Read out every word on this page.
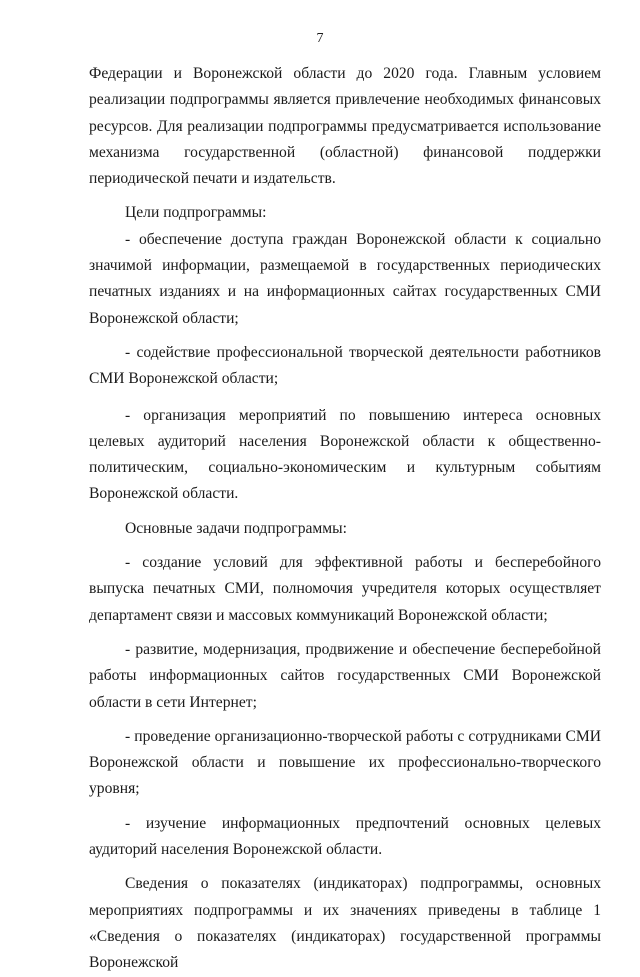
7

Федерации и Воронежской области до 2020 года. Главным условием реализации подпрограммы является привлечение необходимых финансовых ресурсов. Для реализации подпрограммы предусматривается использование механизма государственной (областной) финансовой поддержки периодической печати и издательств.

Цели подпрограммы:

- обеспечение доступа граждан Воронежской области к социально значимой информации, размещаемой в государственных периодических печатных изданиях и на информационных сайтах государственных СМИ Воронежской области;

- содействие профессиональной творческой деятельности работников СМИ Воронежской области;

- организация мероприятий по повышению интереса основных целевых аудиторий населения Воронежской области к общественно-политическим, социально-экономическим и культурным событиям Воронежской области.

Основные задачи подпрограммы:

- создание условий для эффективной работы и бесперебойного выпуска печатных СМИ, полномочия учредителя которых осуществляет департамент связи и массовых коммуникаций Воронежской области;

- развитие, модернизация, продвижение и обеспечение бесперебойной работы информационных сайтов государственных СМИ Воронежской области в сети Интернет;

- проведение организационно-творческой работы с сотрудниками СМИ Воронежской области и повышение их профессионально-творческого уровня;

- изучение информационных предпочтений основных целевых аудиторий населения Воронежской области.

Сведения о показателях (индикаторах) подпрограммы, основных мероприятиях подпрограммы и их значениях приведены в таблице 1 «Сведения о показателях (индикаторах) государственной программы Воронежской
